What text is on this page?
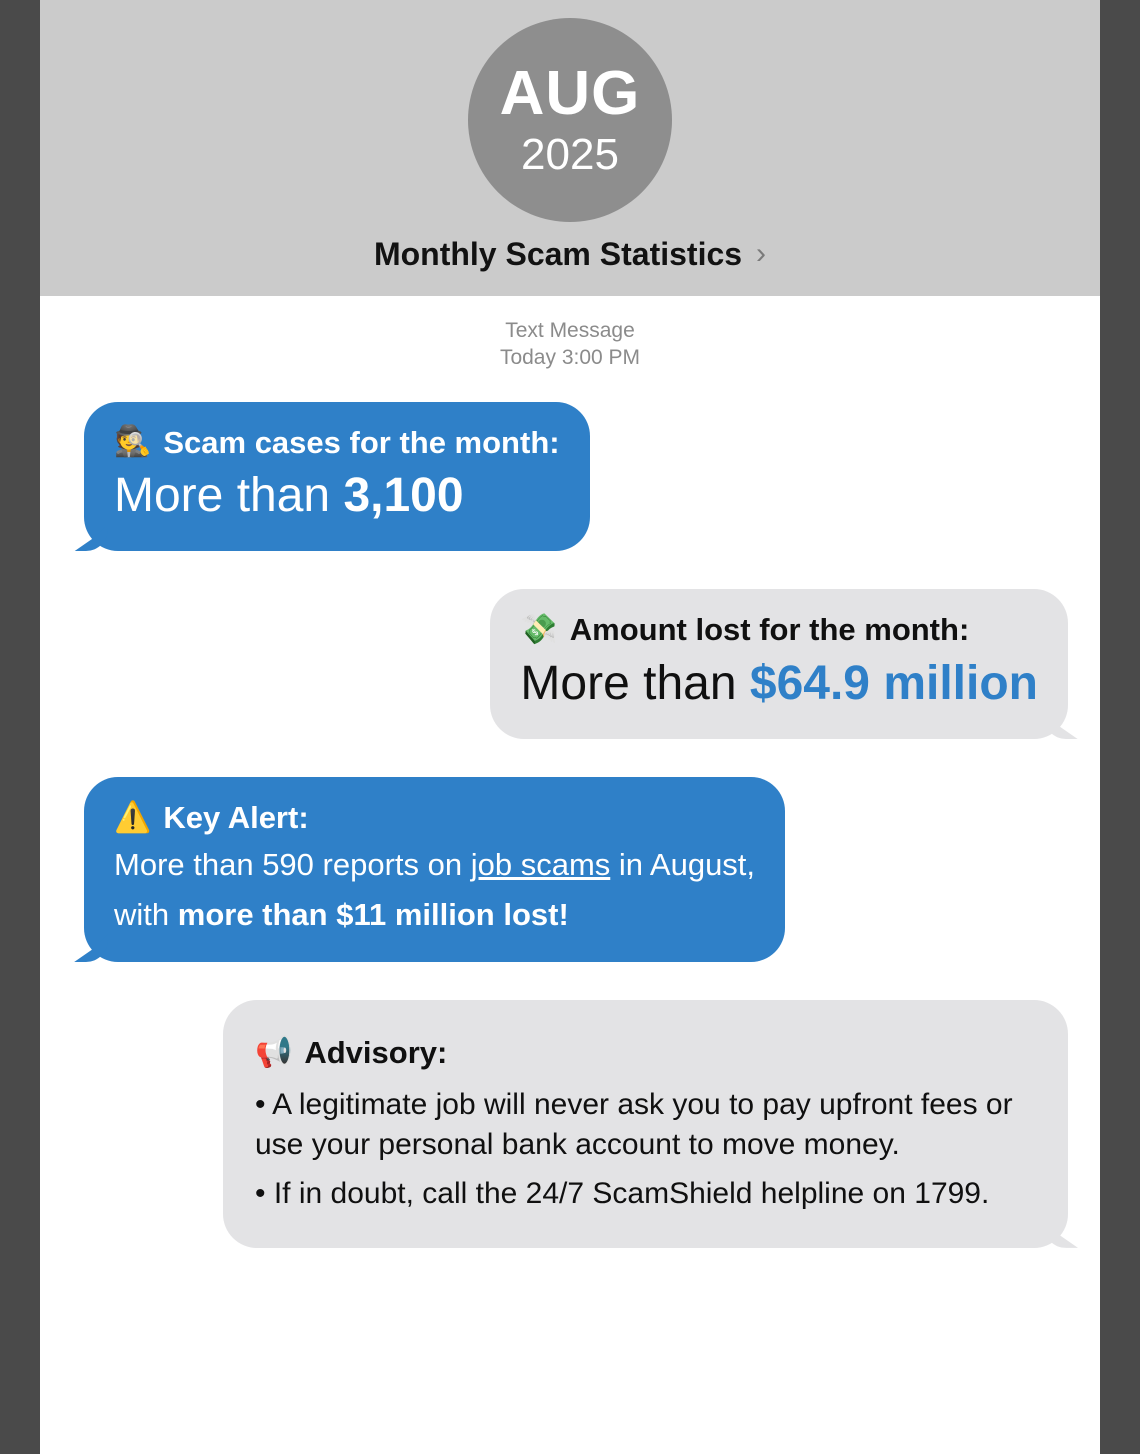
AUG
2025
Monthly Scam Statistics ›
Text Message
Today 3:00 PM
🕵️ Scam cases for the month:
More than 3,100
💸 Amount lost for the month:
More than $64.9 million
⚠️ Key Alert:
More than 590 reports on job scams in August,
with more than $11 million lost!
📢 Advisory:
• A legitimate job will never ask you to pay upfront fees or use your personal bank account to move money.
• If in doubt, call the 24/7 ScamShield helpline on 1799.
